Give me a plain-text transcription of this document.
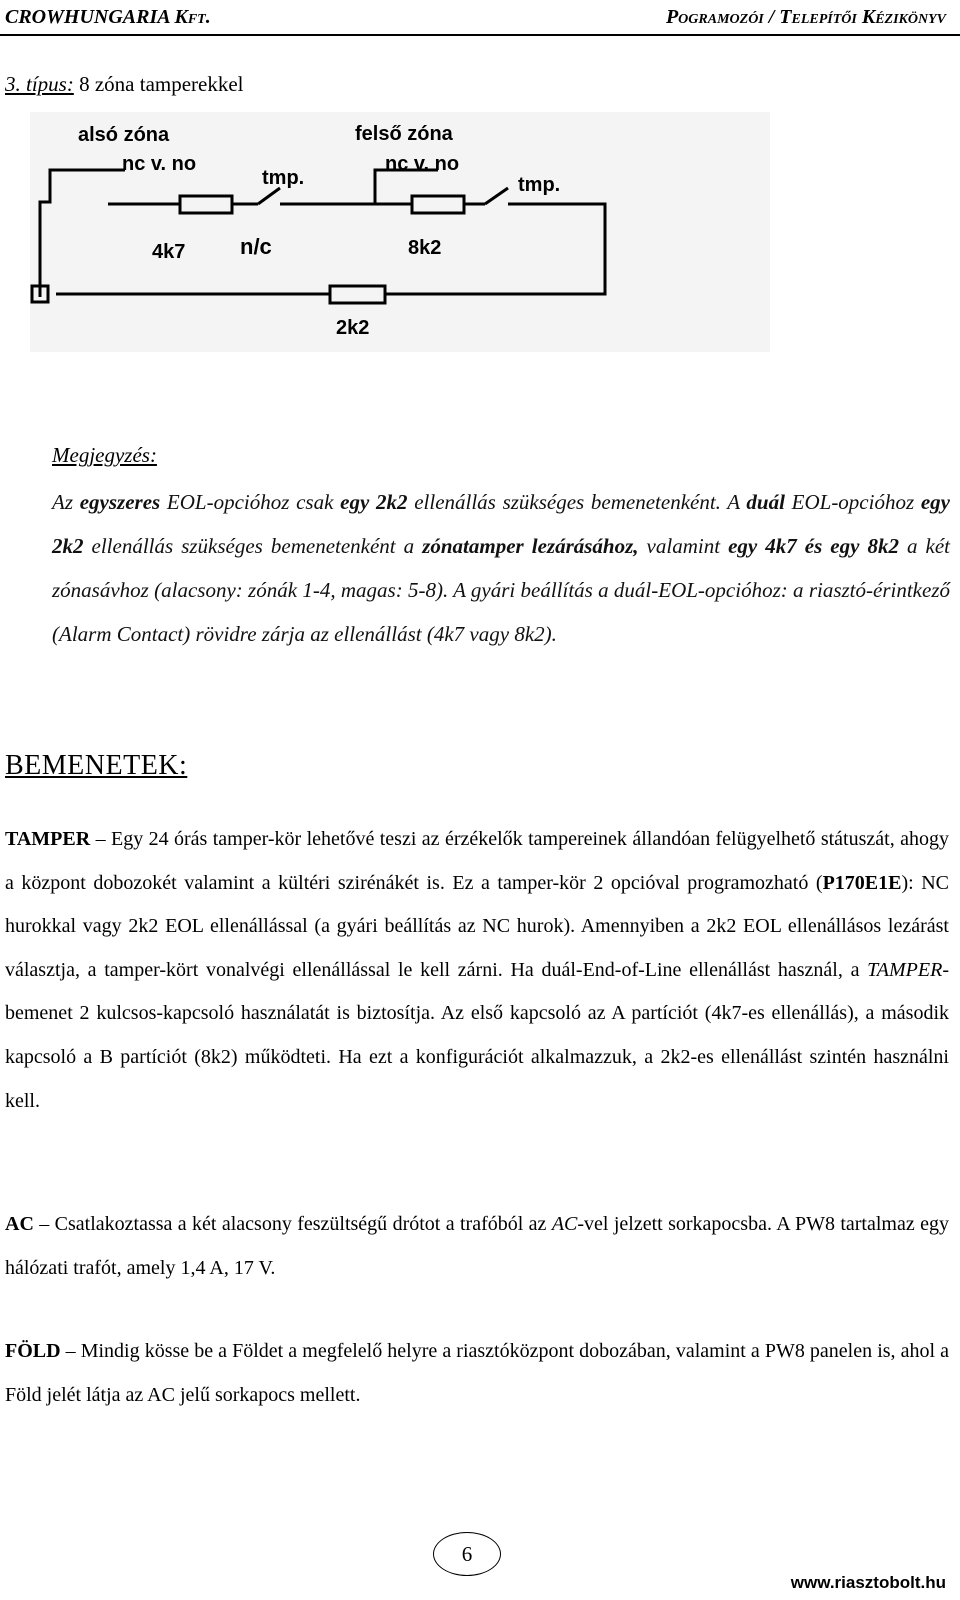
CROWHUNGARIA Kft.	Pogramozói / Telepítői Kézikönyv
3. típus: 8 zóna tamperekkel
alsó zóna
nc v. no
tmp.
4k7 n/c
felső zóna
nc v. no
tmp.
8k2
2k2
Megjegyzés:
Az egyszeres EOL-opcióhoz csak egy 2k2 ellenállás szükséges bemenetenként. A duál EOL-opcióhoz egy 2k2 ellenállás szükséges bemenetenként a zónatamper lezárásához, valamint egy 4k7 és egy 8k2 a két zónasávhoz (alacsony: zónák 1-4, magas: 5-8). A gyári beállítás a duál-EOL-opcióhoz: a riasztó-érintkező (Alarm Contact) rövidre zárja az ellenállást (4k7 vagy 8k2).
BEMENETEK:
TAMPER – Egy 24 órás tamper-kör lehetővé teszi az érzékelők tampereinek állandóan felügyelhető státuszát, ahogy a központ dobozokét valamint a kültéri szirénákét is. Ez a tamper-kör 2 opcióval programozható (P170E1E): NC hurokkal vagy 2k2 EOL ellenállással (a gyári beállítás az NC hurok). Amennyiben a 2k2 EOL ellenállásos lezárást választja, a tamper-kört vonalvégi ellenállással le kell zárni. Ha duál-End-of-Line ellenállást használ, a TAMPER-bemenet 2 kulcsos-kapcsoló használatát is biztosítja. Az első kapcsoló az A partíciót (4k7-es ellenállás), a második kapcsoló a B partíciót (8k2) működteti. Ha ezt a konfigurációt alkalmazzuk, a 2k2-es ellenállást szintén használni kell.
AC – Csatlakoztassa a két alacsony feszültségű drótot a trafóból az AC-vel jelzett sorkapocsba. A PW8 tartalmaz egy hálózati trafót, amely 1,4 A, 17 V.
FÖLD – Mindig kösse be a Földet a megfelelő helyre a riasztóközpont dobozában, valamint a PW8 panelen is, ahol a Föld jelét látja az AC jelű sorkapocs mellett.
6
www.riasztobolt.hu
